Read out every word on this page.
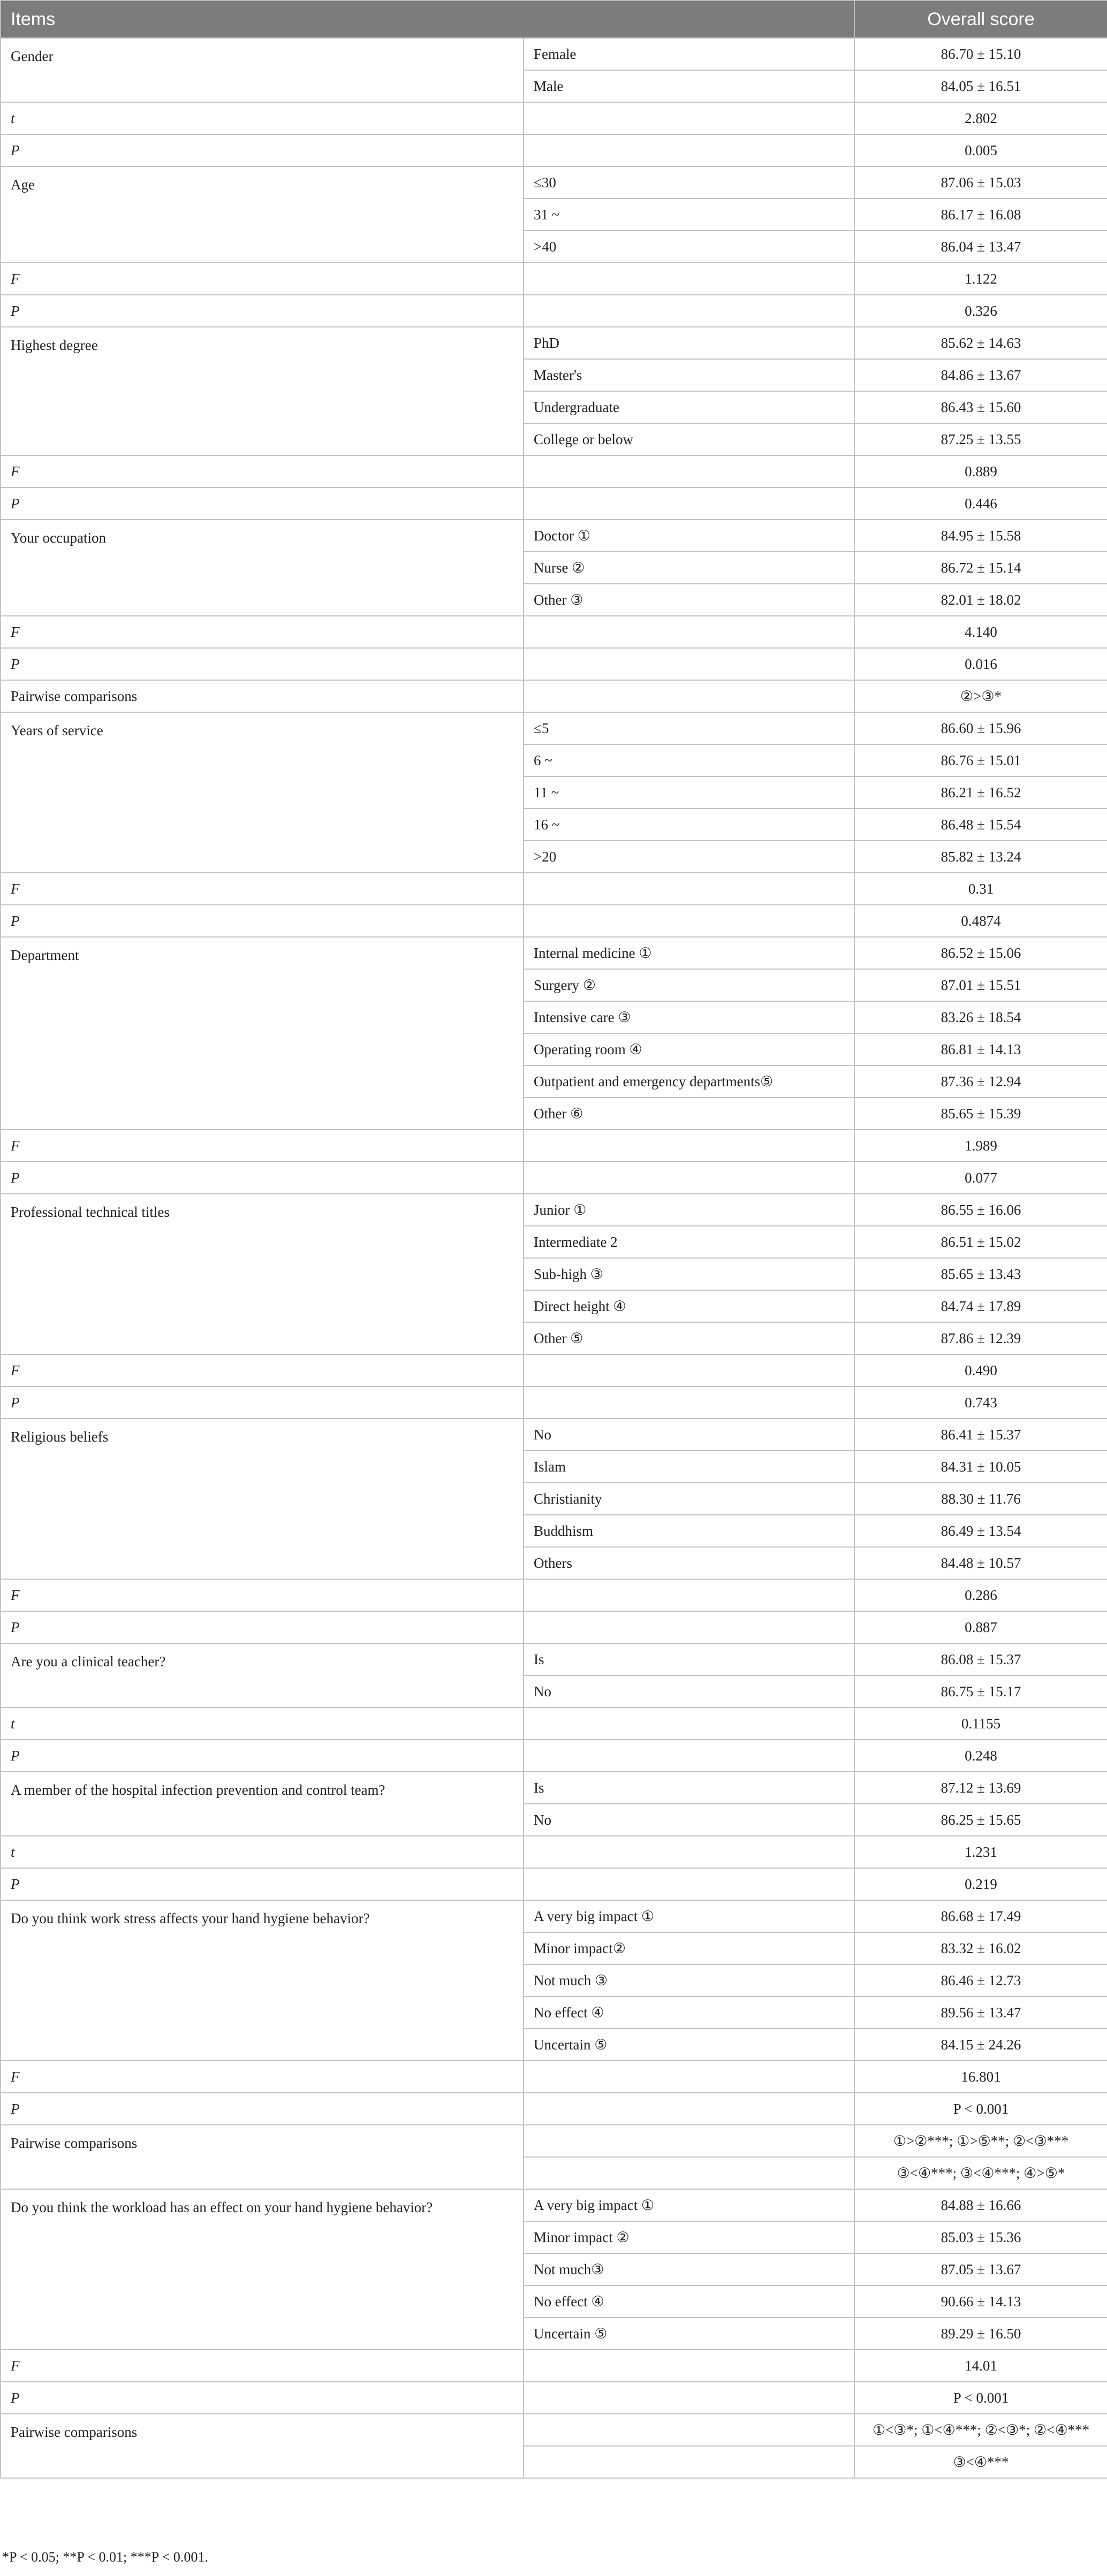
Items		Overall score
Gender	Female	86.70 ± 15.10
	Male	84.05 ± 16.51
t		2.802
P		0.005
Age	≤30	87.06 ± 15.03
	31 ~	86.17 ± 16.08
	>40	86.04 ± 13.47
F		1.122
P		0.326
Highest degree	PhD	85.62 ± 14.63
	Master's	84.86 ± 13.67
	Undergraduate	86.43 ± 15.60
	College or below	87.25 ± 13.55
F		0.889
P		0.446
Your occupation	Doctor ①	84.95 ± 15.58
	Nurse ②	86.72 ± 15.14
	Other ③	82.01 ± 18.02
F		4.140
P		0.016
Pairwise comparisons		②>③*
Years of service	≤5	86.60 ± 15.96
	6 ~	86.76 ± 15.01
	11 ~	86.21 ± 16.52
	16 ~	86.48 ± 15.54
	>20	85.82 ± 13.24
F		0.31
P		0.4874
Department	Internal medicine ①	86.52 ± 15.06
	Surgery ②	87.01 ± 15.51
	Intensive care ③	83.26 ± 18.54
	Operating room ④	86.81 ± 14.13
	Outpatient and emergency departments⑤	87.36 ± 12.94
	Other ⑥	85.65 ± 15.39
F		1.989
P		0.077
Professional technical titles	Junior ①	86.55 ± 16.06
	Intermediate 2	86.51 ± 15.02
	Sub-high ③	85.65 ± 13.43
	Direct height ④	84.74 ± 17.89
	Other ⑤	87.86 ± 12.39
F		0.490
P		0.743
Religious beliefs	No	86.41 ± 15.37
	Islam	84.31 ± 10.05
	Christianity	88.30 ± 11.76
	Buddhism	86.49 ± 13.54
	Others	84.48 ± 10.57
F		0.286
P		0.887
Are you a clinical teacher?	Is	86.08 ± 15.37
	No	86.75 ± 15.17
t		0.1155
P		0.248
A member of the hospital infection prevention and control team?	Is	87.12 ± 13.69
	No	86.25 ± 15.65
t		1.231
P		0.219
Do you think work stress affects your hand hygiene behavior?	A very big impact ①	86.68 ± 17.49
	Minor impact②	83.32 ± 16.02
	Not much ③	86.46 ± 12.73
	No effect ④	89.56 ± 13.47
	Uncertain ⑤	84.15 ± 24.26
F		16.801
P		P < 0.001
Pairwise comparisons		①>②***; ①>⑤**; ②<③***
		③<④***; ③<④***; ④>⑤*
Do you think the workload has an effect on your hand hygiene behavior?	A very big impact ①	84.88 ± 16.66
	Minor impact ②	85.03 ± 15.36
	Not much③	87.05 ± 13.67
	No effect ④	90.66 ± 14.13
	Uncertain ⑤	89.29 ± 16.50
F		14.01
P		P < 0.001
Pairwise comparisons		①<③*; ①<④***; ②<③*; ②<④***
		③<④***
*P < 0.05; **P < 0.01; ***P < 0.001.
